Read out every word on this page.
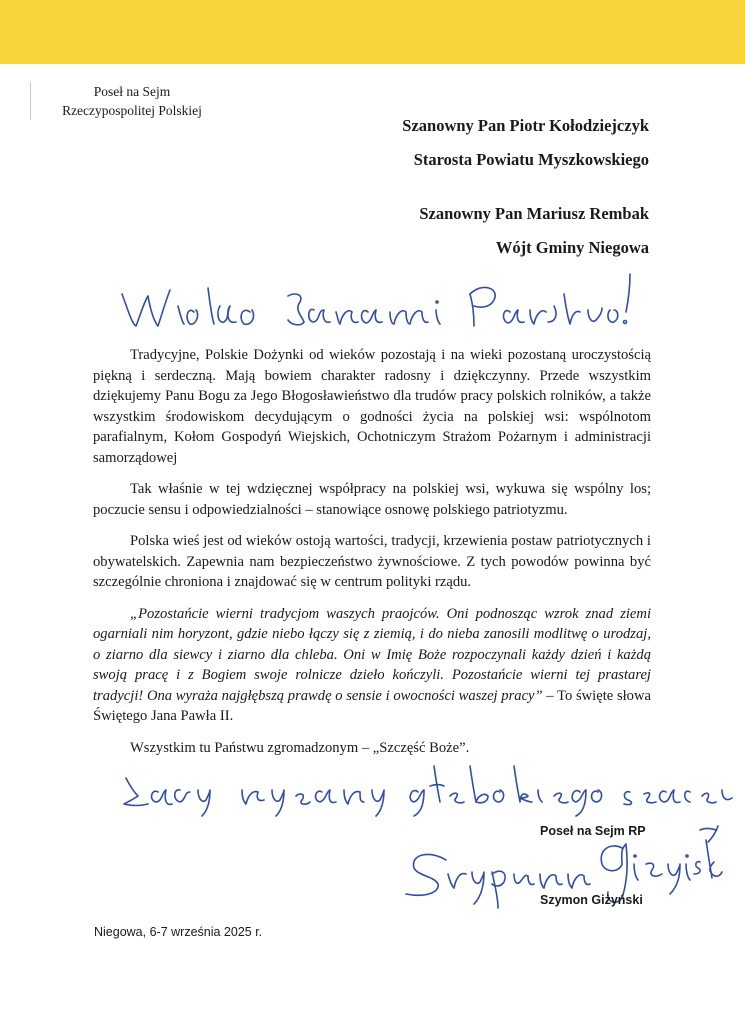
Poseł na Sejm
Rzeczypospolitej Polskiej

Szanowny Pan Piotr Kołodziejczyk

Starosta Powiatu Myszkowskiego

Szanowny Pan Mariusz Rembak

Wójt Gminy Niegowa

Tradycyjne, Polskie Dożynki od wieków pozostają i na wieki pozostaną uroczystością piękną i serdeczną. Mają bowiem charakter radosny i dziękczynny. Przede wszystkim dziękujemy Panu Bogu za Jego Błogosławieństwo dla trudów pracy polskich rolników, a także wszystkim środowiskom decydującym o godności życia na polskiej wsi: wspólnotom parafialnym, Kołom Gospodyń Wiejskich, Ochotniczym Strażom Pożarnym i administracji samorządowej

Tak właśnie w tej wdzięcznej współpracy na polskiej wsi, wykuwa się wspólny los; poczucie sensu i odpowiedzialności – stanowiące osnowę polskiego patriotyzmu.

Polska wieś jest od wieków ostoją wartości, tradycji, krzewienia postaw patriotycznych i obywatelskich. Zapewnia nam bezpieczeństwo żywnościowe. Z tych powodów powinna być szczególnie chroniona i znajdować się w centrum polityki rządu.

„Pozostańcie wierni tradycjom waszych praojców. Oni podnosząc wzrok znad ziemi ogarniali nim horyzont, gdzie niebo łączy się z ziemią, i do nieba zanosili modlitwę o urodzaj, o ziarno dla siewcy i ziarno dla chleba. Oni w Imię Boże rozpoczynali każdy dzień i każdą swoją pracę i z Bogiem swoje rolnicze dzieło kończyli. Pozostańcie wierni tej prastarej tradycji! Ona wyraża najgłębszą prawdę o sensie i owocności waszej pracy” – To święte słowa Świętego Jana Pawła II.

Wszystkim tu Państwu zgromadzonym – „Szczęść Boże”.

Poseł na Sejm RP
Szymon Giżyński
Niegowa, 6-7 września 2025 r.
